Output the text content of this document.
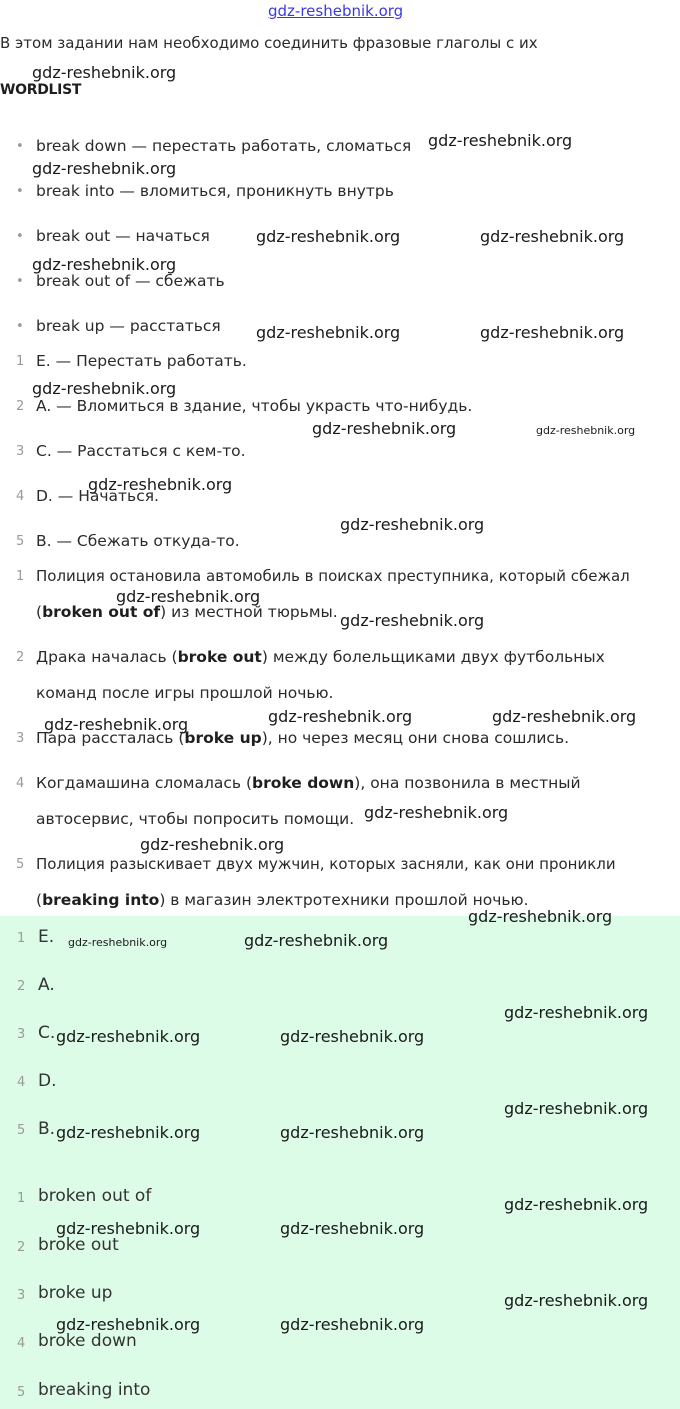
gdz-reshebnik.org
В этом задании нам необходимо соединить фразовые глаголы с их
WORDLIST
• break down — перестать работать, сломаться
• break into — вломиться, проникнуть внутрь
• break out — начаться
• break out of — сбежать
• break up — расстаться
1 E. — Перестать работать.
2 A. — Вломиться в здание, чтобы украсть что-нибудь.
3 C. — Расстаться с кем-то.
4 D. — Начаться.
5 B. — Сбежать откуда-то.
1 Полиция остановила автомобиль в поисках преступника, который сбежал
(broken out of) из местной тюрьмы.
2 Драка началась (broke out) между болельщиками двух футбольных
команд после игры прошлой ночью.
3 Пара рассталась (broke up), но через месяц они снова сошлись.
4 Когдамашина сломалась (broke down), она позвонила в местный
автосервис, чтобы попросить помощи.
5 Полиция разыскивает двух мужчин, которых засняли, как они проникли
(breaking into) в магазин электротехники прошлой ночью.
1 E.
2 A.
3 C.
4 D.
5 B.
1 broken out of
2 broke out
3 broke up
4 broke down
5 breaking into
gdz-reshebnik.org
gdz-reshebnik.org
gdz-reshebnik.org
gdz-reshebnik.org	gdz-reshebnik.org
gdz-reshebnik.org
gdz-reshebnik.org	gdz-reshebnik.org
gdz-reshebnik.org
gdz-reshebnik.org	gdz-reshebnik.org
gdz-reshebnik.org
gdz-reshebnik.org
gdz-reshebnik.org
gdz-reshebnik.org
gdz-reshebnik.org	gdz-reshebnik.org	gdz-reshebnik.org
gdz-reshebnik.org
gdz-reshebnik.org
gdz-reshebnik.org
gdz-reshebnik.org	gdz-reshebnik.org
gdz-reshebnik.org
gdz-reshebnik.org	gdz-reshebnik.org
gdz-reshebnik.org
gdz-reshebnik.org	gdz-reshebnik.org
gdz-reshebnik.org
gdz-reshebnik.org	gdz-reshebnik.org
gdz-reshebnik.org
gdz-reshebnik.org	gdz-reshebnik.org
